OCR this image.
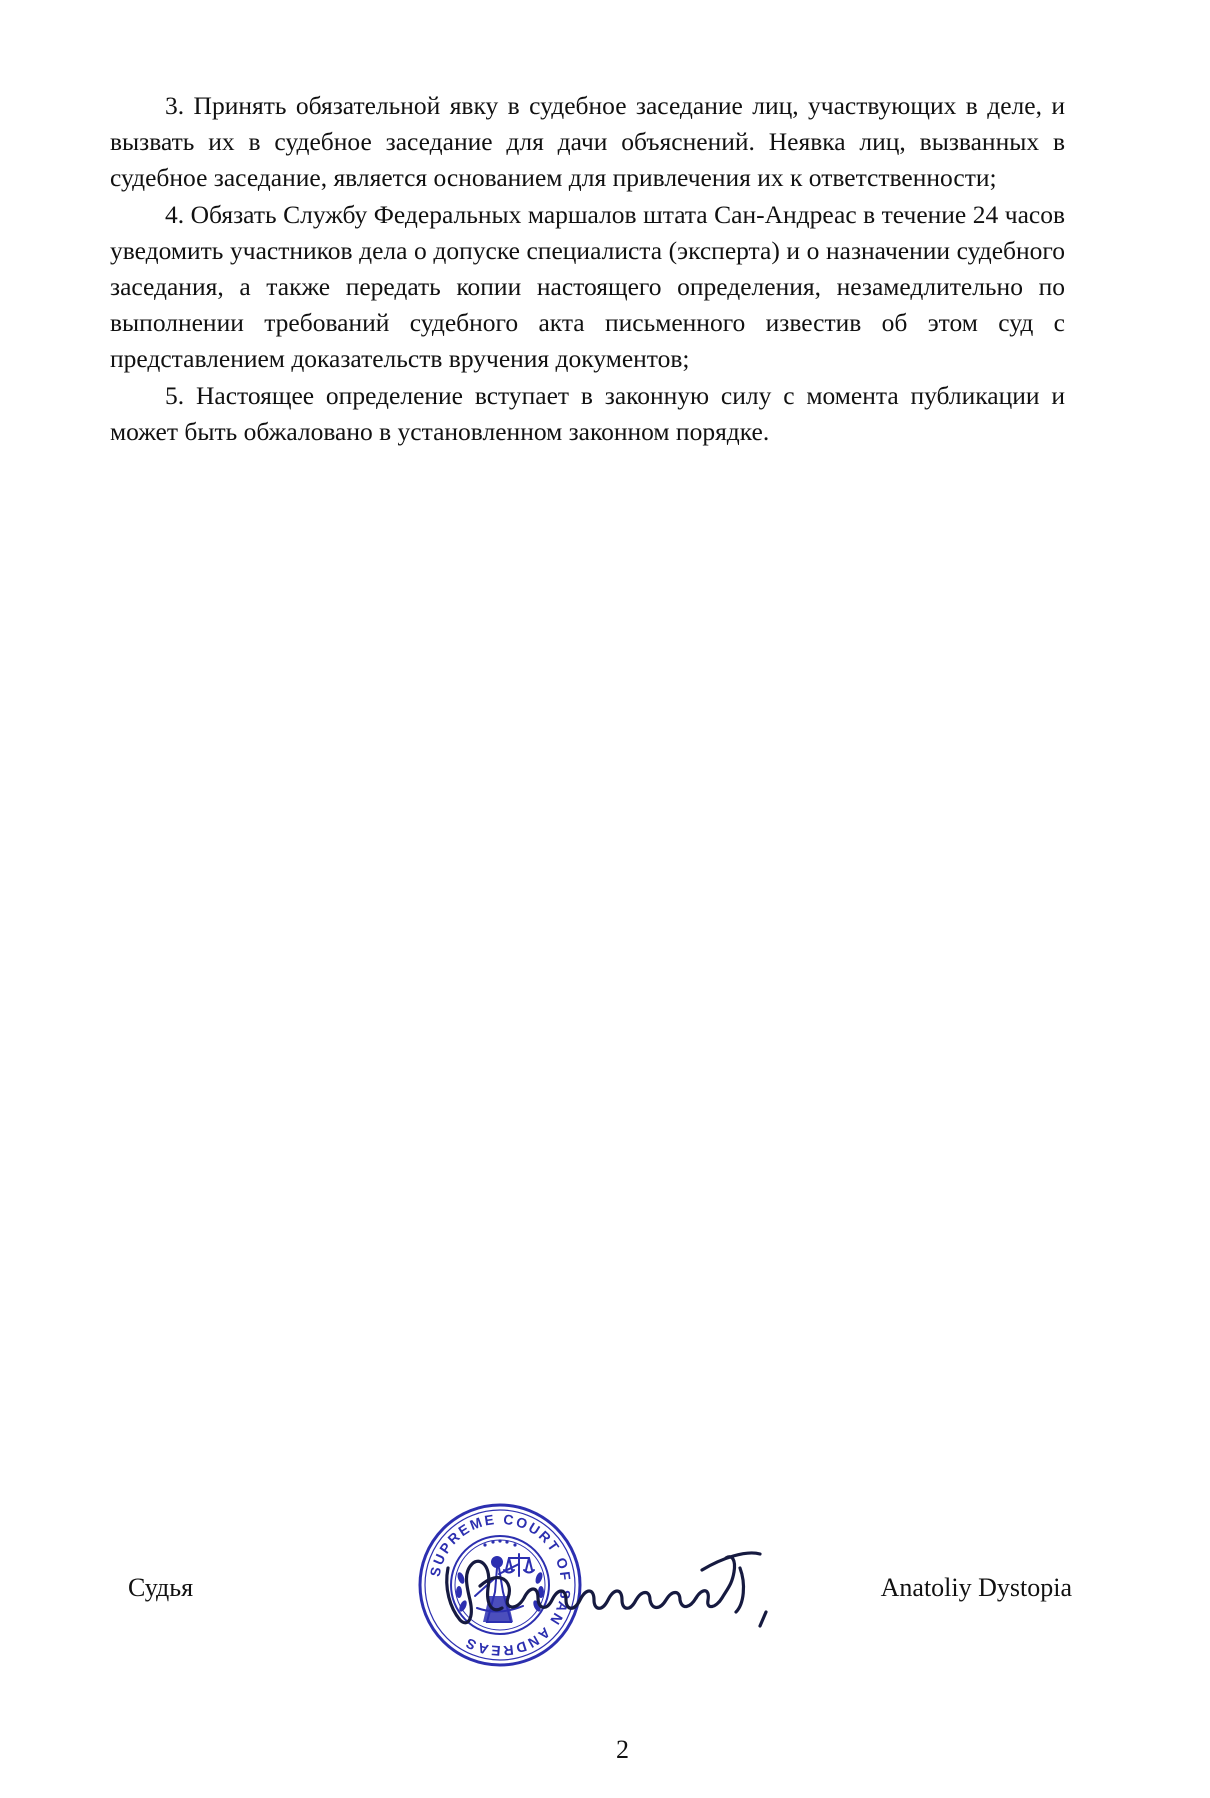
3. Принять обязательной явку в судебное заседание лиц, участвующих в деле, и вызвать их в судебное заседание для дачи объяснений. Неявка лиц, вызванных в судебное заседание, является основанием для привлечения их к ответственности;

4. Обязать Службу Федеральных маршалов штата Сан-Андреас в течение 24 часов уведомить участников дела о допуске специалиста (эксперта) и о назначении судебного заседания, а также передать копии настоящего определения, незамедлительно по выполнении требований судебного акта письменного известив об этом суд с представлением доказательств вручения документов;

5. Настоящее определение вступает в законную силу с момента публикации и может быть обжаловано в установленном законном порядке.

Судья
SUPREME COURT OF SAN ANDREAS
Anatoliy Dystopia
2
